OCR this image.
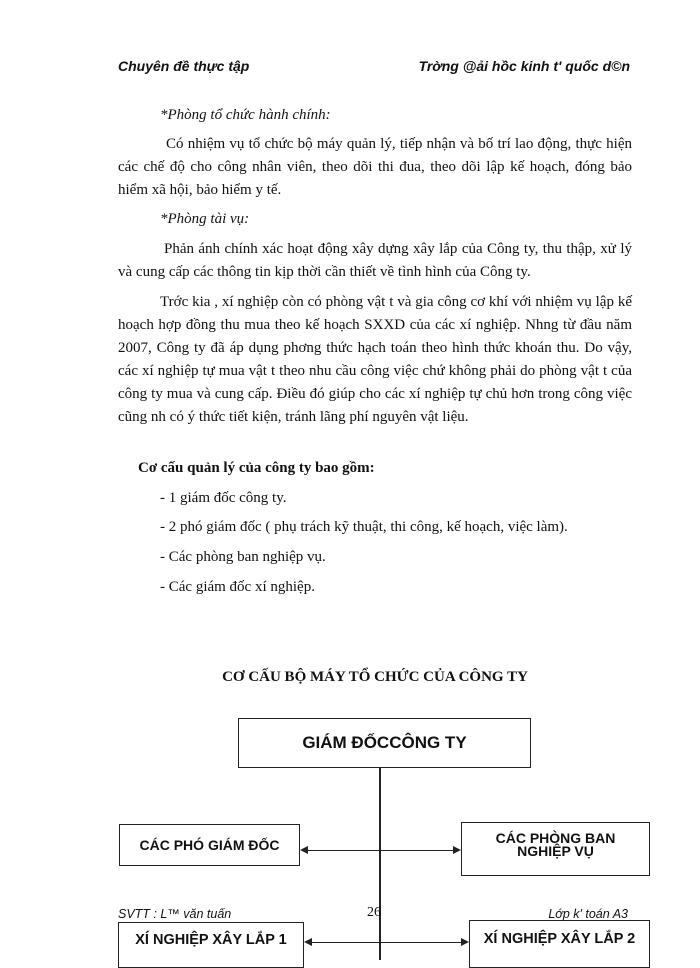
Chuyên đề thực tập	Trờng @ải hồc kinh t' quốc d©n
*Phòng tổ chức hành chính:
Có nhiệm vụ tổ chức bộ máy quản lý, tiếp nhận và bố trí lao động, thực hiện các chế độ cho công nhân viên, theo dõi thi đua, theo dõi lập kế hoạch, đóng bảo hiểm xã hội, bảo hiểm y tế.
*Phòng tài vụ:
Phản ánh chính xác hoạt động xây dựng xây lắp của Công ty, thu thập, xử lý và cung cấp các thông tin kịp thời cần thiết về tình hình của Công ty.
Trớc kia , xí nghiệp còn có phòng vật t và gia công cơ khí với nhiệm vụ lập kế hoạch hợp đồng thu mua theo kế hoạch SXXD của các xí nghiệp. Nhng từ đầu năm 2007, Công ty đã áp dụng phơng thức hạch toán theo hình thức khoán thu. Do vậy, các xí nghiệp tự mua vật t theo nhu cầu công việc chứ không phải do phòng vật t của công ty mua và cung cấp. Điều đó giúp cho các xí nghiệp tự chủ hơn trong công việc cũng nh có ý thức tiết kiện, tránh lãng phí nguyên vật liệu.
Cơ cấu quản lý của công ty bao gồm:
- 1 giám đốc công ty.
- 2 phó giám đốc ( phụ trách kỹ thuật, thi công, kế hoạch, việc làm).
- Các phòng ban nghiệp vụ.
- Các giám đốc xí nghiệp.
CƠ CẤU BỘ MÁY TỔ CHỨC CỦA CÔNG TY
GIÁM ĐỐCCÔNG TY
CÁC PHÓ GIÁM ĐỐC	CÁC PHÒNG BAN
NGHIỆP VỤ
XÍ NGHIỆP XÂY LẮP 1	XÍ NGHIỆP XÂY LẮP 2
SVTT : L™ văn tuấn	26	Lớp k' toán A3
